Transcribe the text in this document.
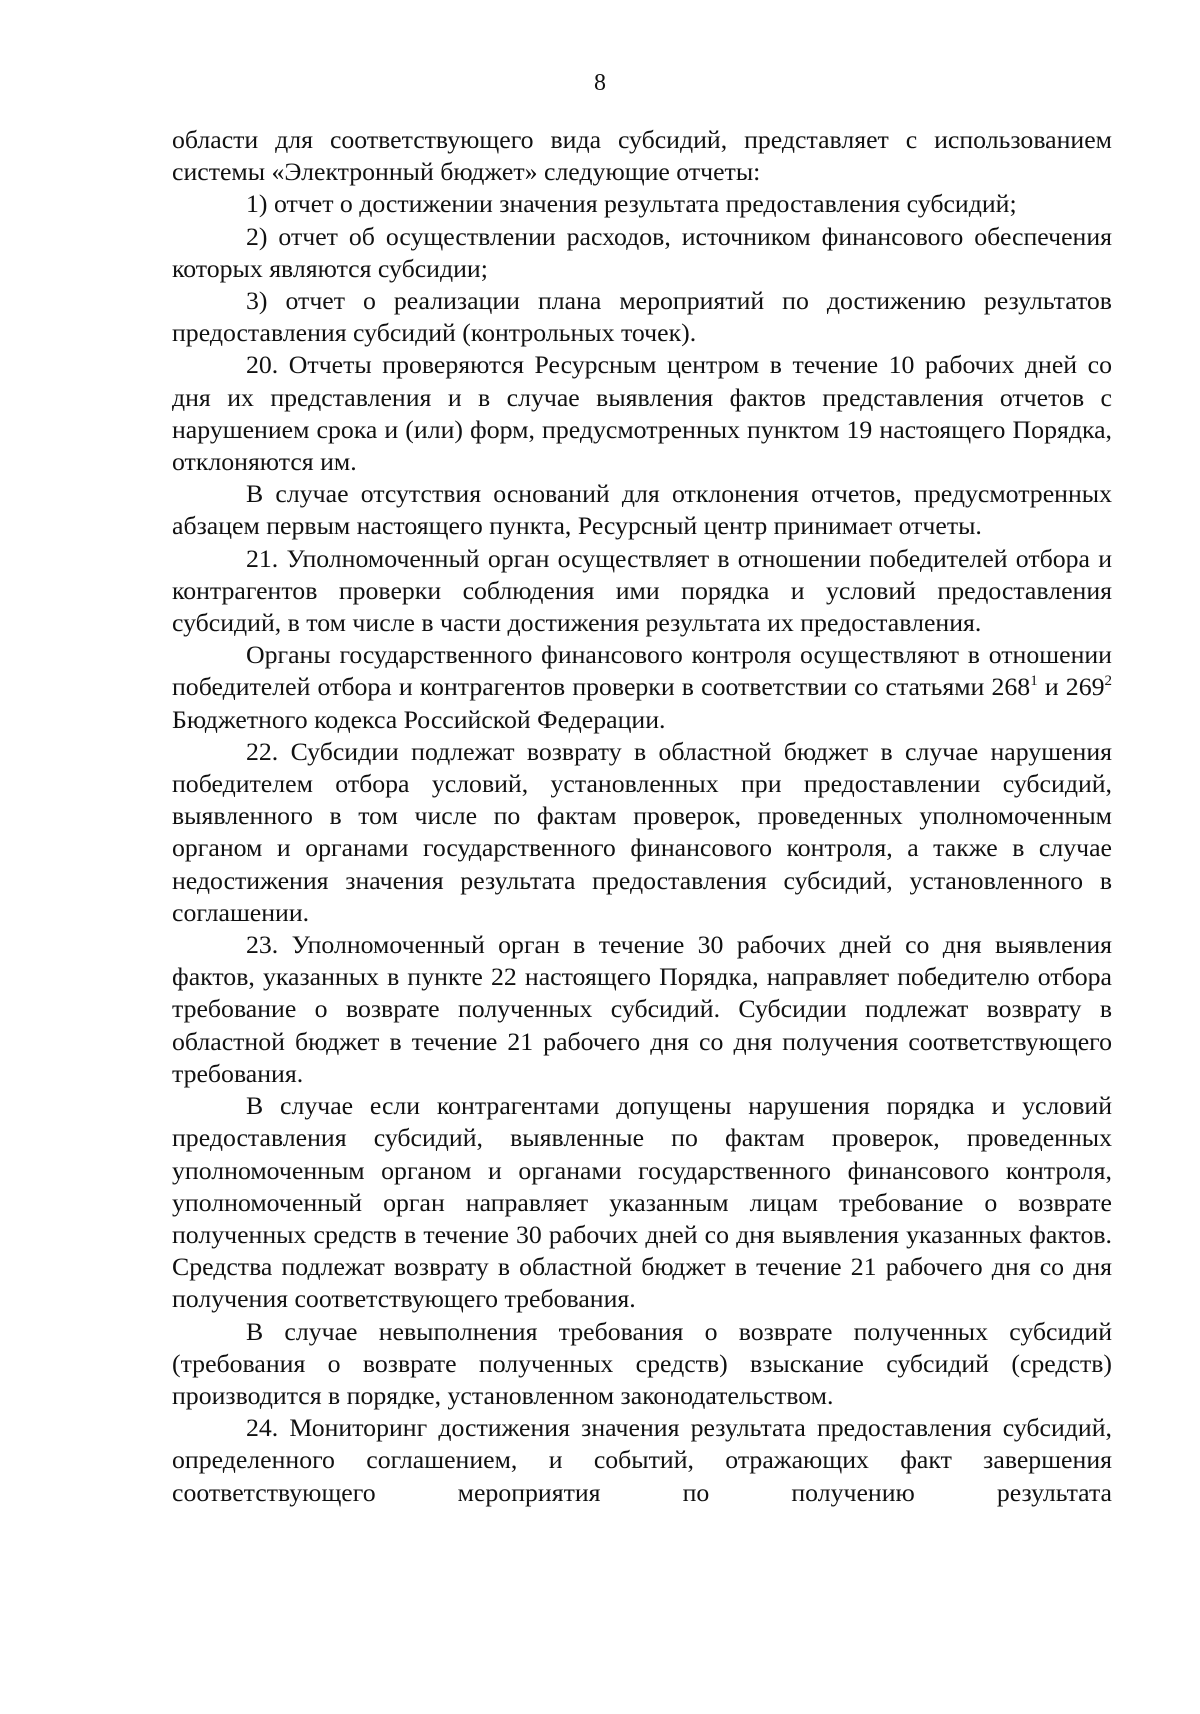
8

области для соответствующего вида субсидий, представляет с использованием системы «Электронный бюджет» следующие отчеты:

1) отчет о достижении значения результата предоставления субсидий;

2) отчет об осуществлении расходов, источником финансового обеспечения которых являются субсидии;

3) отчет о реализации плана мероприятий по достижению результатов предоставления субсидий (контрольных точек).

20. Отчеты проверяются Ресурсным центром в течение 10 рабочих дней со дня их представления и в случае выявления фактов представления отчетов с нарушением срока и (или) форм, предусмотренных пунктом 19 настоящего Порядка, отклоняются им.

В случае отсутствия оснований для отклонения отчетов, предусмотренных абзацем первым настоящего пункта, Ресурсный центр принимает отчеты.

21. Уполномоченный орган осуществляет в отношении победителей отбора и контрагентов проверки соблюдения ими порядка и условий предоставления субсидий, в том числе в части достижения результата их предоставления.

Органы государственного финансового контроля осуществляют в отношении победителей отбора и контрагентов проверки в соответствии со статьями $268^1$ и $269^2$ Бюджетного кодекса Российской Федерации.

22. Субсидии подлежат возврату в областной бюджет в случае нарушения победителем отбора условий, установленных при предоставлении субсидий, выявленного в том числе по фактам проверок, проведенных уполномоченным органом и органами государственного финансового контроля, а также в случае недостижения значения результата предоставления субсидий, установленного в соглашении.

23. Уполномоченный орган в течение 30 рабочих дней со дня выявления фактов, указанных в пункте 22 настоящего Порядка, направляет победителю отбора требование о возврате полученных субсидий. Субсидии подлежат возврату в областной бюджет в течение 21 рабочего дня со дня получения соответствующего требования.

В случае если контрагентами допущены нарушения порядка и условий предоставления субсидий, выявленные по фактам проверок, проведенных уполномоченным органом и органами государственного финансового контроля, уполномоченный орган направляет указанным лицам требование о возврате полученных средств в течение 30 рабочих дней со дня выявления указанных фактов. Средства подлежат возврату в областной бюджет в течение 21 рабочего дня со дня получения соответствующего требования.

В случае невыполнения требования о возврате полученных субсидий (требования о возврате полученных средств) взыскание субсидий (средств) производится в порядке, установленном законодательством.

24. Мониторинг достижения значения результата предоставления субсидий, определенного соглашением, и событий, отражающих факт завершения соответствующего мероприятия по получению результата
